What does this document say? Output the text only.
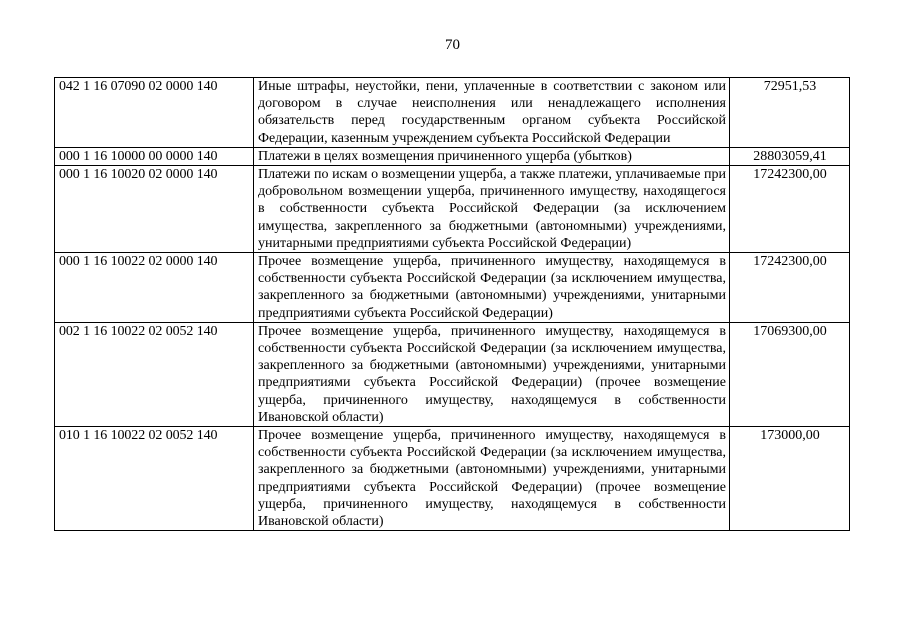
70
042 1 16 07090 02 0000 140	Иные штрафы, неустойки, пени, уплаченные в соответствии с законом или договором в случае неисполнения или ненадлежащего исполнения обязательств перед государственным органом субъекта Российской Федерации, казенным учреждением субъекта Российской Федерации	72951,53
000 1 16 10000 00 0000 140	Платежи в целях возмещения причиненного ущерба (убытков)	28803059,41
000 1 16 10020 02 0000 140	Платежи по искам о возмещении ущерба, а также платежи, уплачиваемые при добровольном возмещении ущерба, причиненного имуществу, находящегося в собственности субъекта Российской Федерации (за исключением имущества, закрепленного за бюджетными (автономными) учреждениями, унитарными предприятиями субъекта Российской Федерации)	17242300,00
000 1 16 10022 02 0000 140	Прочее возмещение ущерба, причиненного имуществу, находящемуся в собственности субъекта Российской Федерации (за исключением имущества, закрепленного за бюджетными (автономными) учреждениями, унитарными предприятиями субъекта Российской Федерации)	17242300,00
002 1 16 10022 02 0052 140	Прочее возмещение ущерба, причиненного имуществу, находящемуся в собственности субъекта Российской Федерации (за исключением имущества, закрепленного за бюджетными (автономными) учреждениями, унитарными предприятиями субъекта Российской Федерации) (прочее возмещение ущерба, причиненного имуществу, находящемуся в собственности Ивановской области)	17069300,00
010 1 16 10022 02 0052 140	Прочее возмещение ущерба, причиненного имуществу, находящемуся в собственности субъекта Российской Федерации (за исключением имущества, закрепленного за бюджетными (автономными) учреждениями, унитарными предприятиями субъекта Российской Федерации) (прочее возмещение ущерба, причиненного имуществу, находящемуся в собственности Ивановской области)	173000,00
